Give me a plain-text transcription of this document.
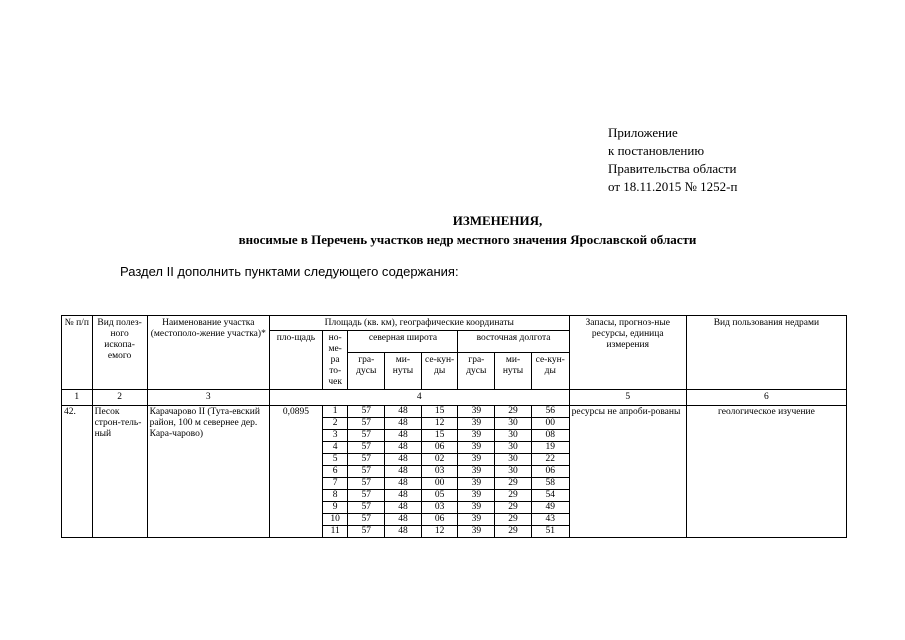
Приложение
к постановлению
Правительства области
от 18.11.2015 № 1252-п
ИЗМЕНЕНИЯ,
вносимые в Перечень участков недр местного значения Ярославской области
Раздел II дополнить пунктами следующего содержания:
№ п/п	Вид полез-ного ископа-емого	Наименование участка (местополо-жение участка)*	Площадь (кв. км), географические координаты								Запасы, прогноз-ные ресурсы, единица измерения	Вид пользования недрами
			пло-щадь	но-ме-ра то-чек	северная широта			восточная долгота				
					гра-дусы	ми-нуты	се-кун-ды	гра-дусы	ми-нуты	се-кун-ды		
1	2	3	4								5	6
42.	Песок строн-тель-ный	Карачарово II (Тута-евский район, 100 м севернее дер. Кара-чарово)	0,0895	1	57	48	15	39	29	56	ресурсы не апроби-рованы	геологическое изучение
				2	57	48	12	39	30	00		
				3	57	48	15	39	30	08		
				4	57	48	06	39	30	19		
				5	57	48	02	39	30	22		
				6	57	48	03	39	30	06		
				7	57	48	00	39	29	58		
				8	57	48	05	39	29	54		
				9	57	48	03	39	29	49		
				10	57	48	06	39	29	43		
				11	57	48	12	39	29	51		
